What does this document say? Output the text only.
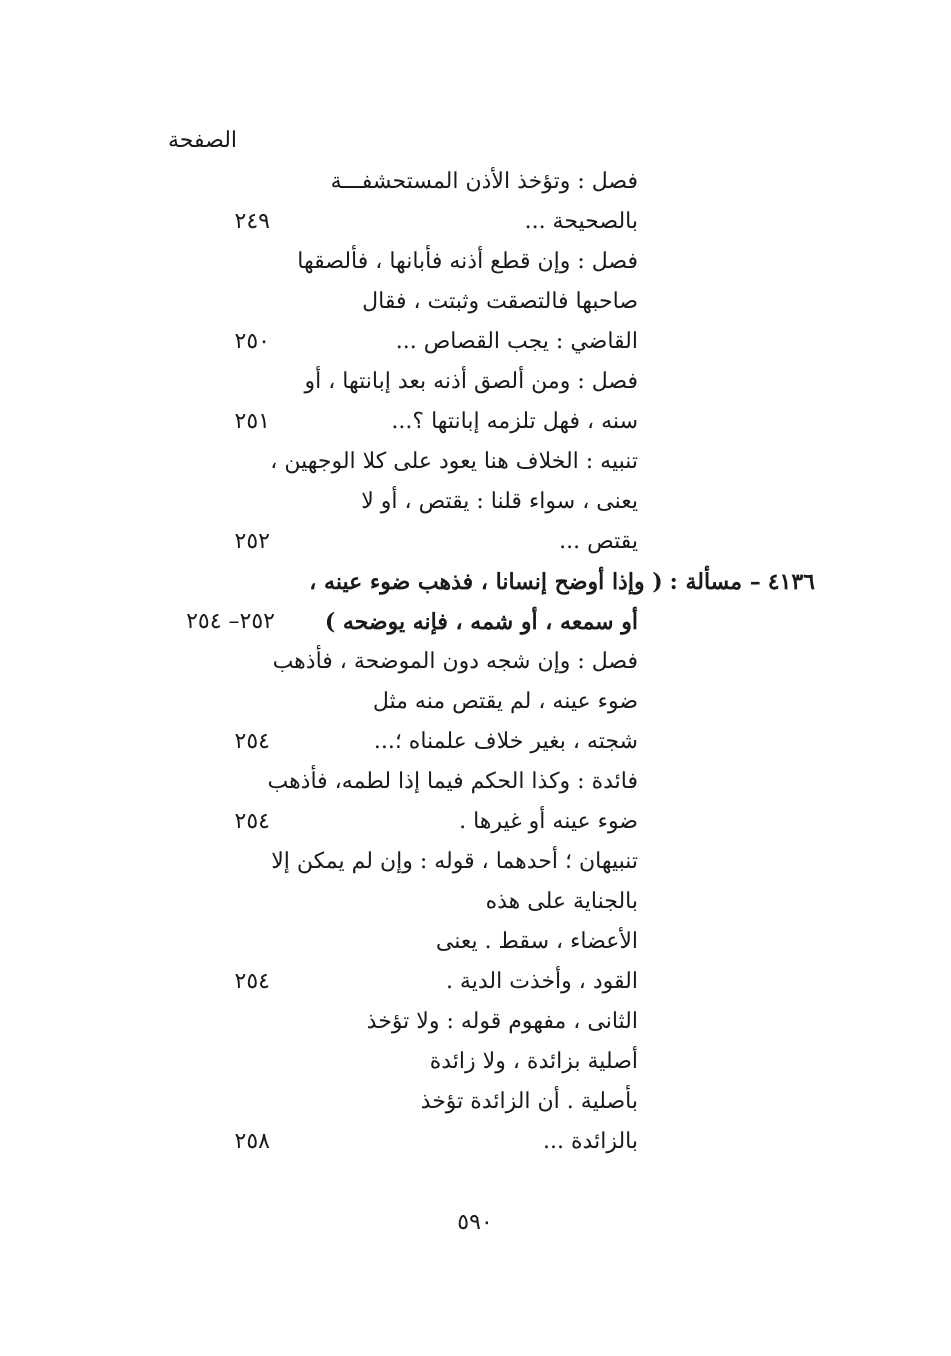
الصفحة
فصل : وتؤخذ الأذن المستحشفـــة
بالصحيحة ...
٢٤٩
فصل : وإن قطع أذنه فأبانها ، فألصقها
صاحبها فالتصقت وثبتت ، فقال
القاضي : يجب القصاص ...
٢٥٠
فصل : ومن ألصق أذنه بعد إبانتها ، أو
سنه ، فهل تلزمه إبانتها ؟...
٢٥١
تنبيه : الخلاف هنا يعود على كلا الوجهين ،
يعنى ، سواء قلنا : يقتص ، أو لا
يقتص ...
٢٥٢
٤١٣٦ – مسألة : ( وإذا أوضح إنسانا ، فذهب ضوء عينه ،
أو سمعه ، أو شمه ، فإنه يوضحه )
٢٥٢– ٢٥٤
فصل : وإن شجه دون الموضحة ، فأذهب
ضوء عينه ، لم يقتص منه مثل
شجته ، بغير خلاف علمناه ؛...
٢٥٤
فائدة : وكذا الحكم فيما إذا لطمه، فأذهب
ضوء عينه أو غيرها .
٢٥٤
تنبيهان ؛ أحدهما ، قوله : وإن لم يمكن إلا
بالجناية على هذه
الأعضاء ، سقط . يعنى
القود ، وأخذت الدية .
٢٥٤
الثانى ، مفهوم قوله : ولا تؤخذ
أصلية بزائدة ، ولا زائدة
بأصلية . أن الزائدة تؤخذ
بالزائدة ...
٢٥٨
٥٩٠
